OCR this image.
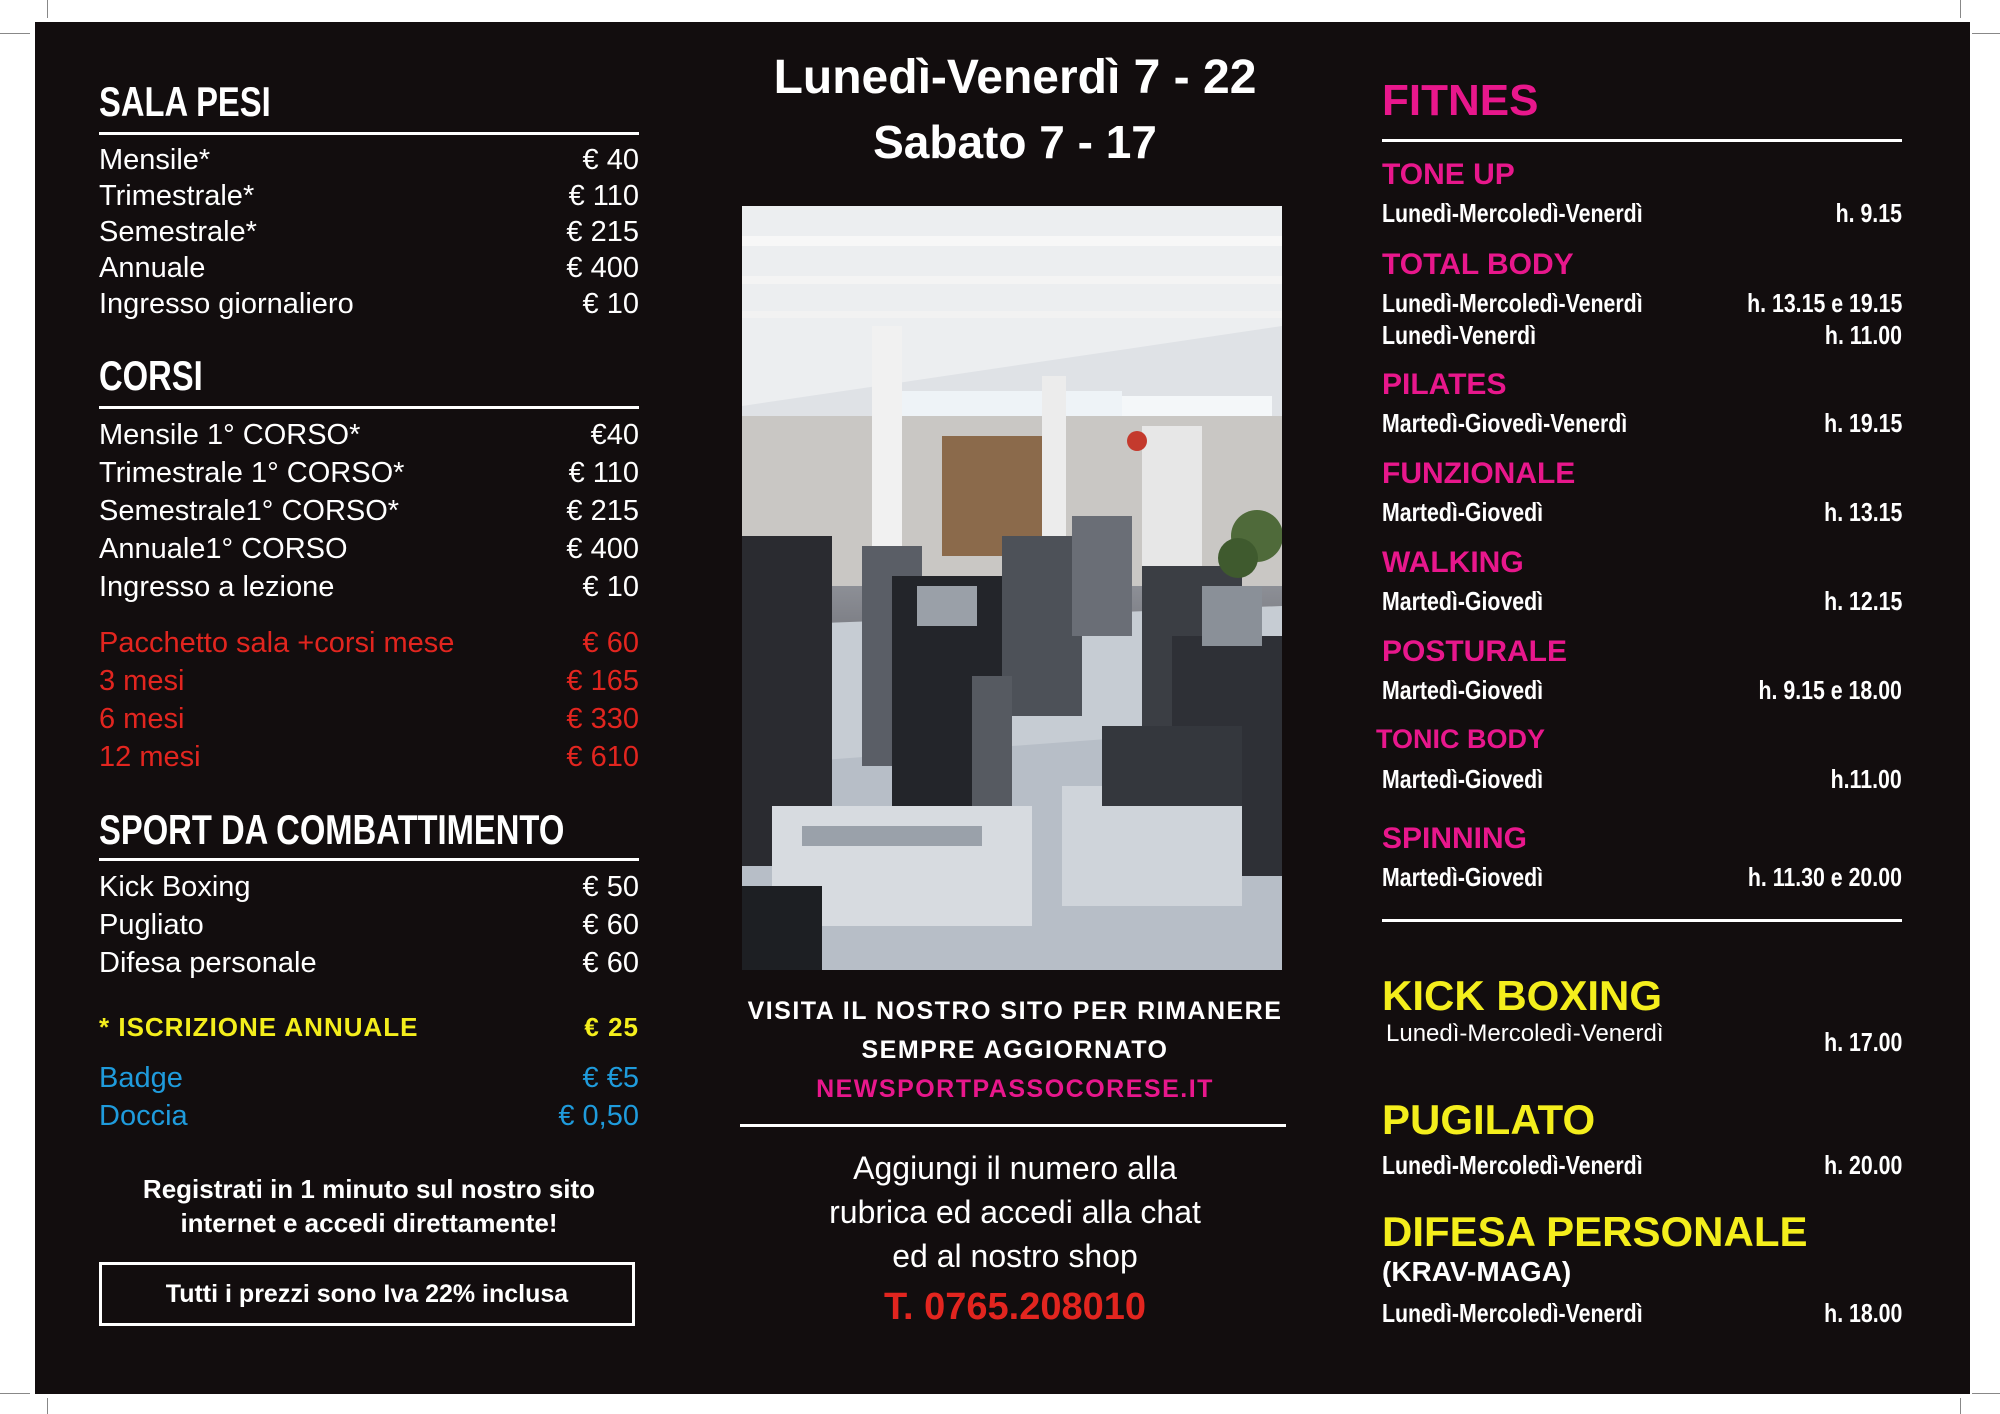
SALA PESI
Mensile*	€ 40
Trimestrale*	€ 110
Semestrale*	€ 215
Annuale	€ 400
Ingresso giornaliero	€ 10
CORSI
Mensile 1° CORSO*	€40
Trimestrale 1° CORSO*	€ 110
Semestrale1° CORSO*	€ 215
Annuale1° CORSO	€ 400
Ingresso a lezione	€ 10
Pacchetto sala +corsi mese	€ 60
3 mesi	€ 165
6 mesi	€ 330
12 mesi	€ 610
SPORT DA COMBATTIMENTO
Kick Boxing	€ 50
Pugliato	€ 60
Difesa personale	€ 60
* ISCRIZIONE ANNUALE	€ 25
Badge	€ €5
Doccia	€ 0,50
Registrati in 1 minuto sul nostro sito
internet e accedi direttamente!
Tutti i prezzi sono Iva 22% inclusa
Lunedì-Venerdì 7 - 22
Sabato 7 - 17
VISITA IL NOSTRO SITO PER RIMANERE
SEMPRE AGGIORNATO
NEWSPORTPASSOCORESE.IT
Aggiungi il numero alla
rubrica ed accedi alla chat
ed al nostro shop
T. 0765.208010
FITNES
TONE UP
Lunedì-Mercoledì-Venerdì	h. 9.15
TOTAL BODY
Lunedì-Mercoledì-Venerdì	h. 13.15 e 19.15
Lunedì-Venerdì	h. 11.00
PILATES
Martedì-Giovedì-Venerdì	h. 19.15
FUNZIONALE
Martedì-Giovedì	h. 13.15
WALKING
Martedì-Giovedì	h. 12.15
POSTURALE
Martedì-Giovedì	h. 9.15 e 18.00
TONIC BODY
Martedì-Giovedì	h.11.00
SPINNING
Martedì-Giovedì	h. 11.30 e 20.00
KICK BOXING
Lunedì-Mercoledì-Venerdì	h. 17.00
PUGILATO
Lunedì-Mercoledì-Venerdì	h. 20.00
DIFESA PERSONALE
(KRAV-MAGA)
Lunedì-Mercoledì-Venerdì	h. 18.00
